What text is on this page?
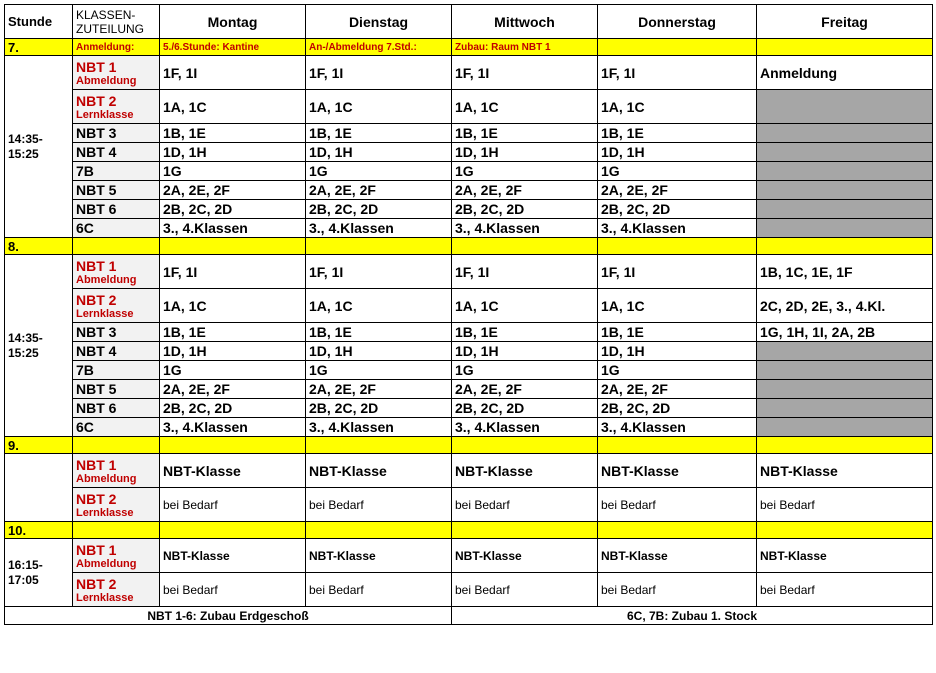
Stunde	KLASSEN-
ZUTEILUNG	Montag	Dienstag	Mittwoch	Donnerstag	Freitag
7.	Anmeldung:	5./6.Stunde: Kantine	An-/Abmeldung 7.Std.:	Zubau: Raum NBT 1		
14:35-
15:25	NBT 1
Abmeldung	1F, 1I	1F, 1I	1F, 1I	1F, 1I	Anmeldung

	NBT 2
Lernklasse	1A, 1C	1A, 1C	1A, 1C	1A, 1C	

	NBT 3	1B, 1E	1B, 1E	1B, 1E	1B, 1E	

	NBT 4	1D, 1H	1D, 1H	1D, 1H	1D, 1H	

	7B	1G	1G	1G	1G	

	NBT 5	2A, 2E, 2F	2A, 2E, 2F	2A, 2E, 2F	2A, 2E, 2F	

	NBT 6	2B, 2C, 2D	2B, 2C, 2D	2B, 2C, 2D	2B, 2C, 2D	

	6C	3., 4.Klassen	3., 4.Klassen	3., 4.Klassen	3., 4.Klassen	
8.						
14:35-
15:25	NBT 1
Abmeldung	1F, 1I	1F, 1I	1F, 1I	1F, 1I	1B, 1C, 1E, 1F

	NBT 2
Lernklasse	1A, 1C	1A, 1C	1A, 1C	1A, 1C	2C, 2D, 2E, 3., 4.Kl.

	NBT 3	1B, 1E	1B, 1E	1B, 1E	1B, 1E	1G, 1H, 1I, 2A, 2B

	NBT 4	1D, 1H	1D, 1H	1D, 1H	1D, 1H	

	7B	1G	1G	1G	1G	

	NBT 5	2A, 2E, 2F	2A, 2E, 2F	2A, 2E, 2F	2A, 2E, 2F	

	NBT 6	2B, 2C, 2D	2B, 2C, 2D	2B, 2C, 2D	2B, 2C, 2D	

	6C	3., 4.Klassen	3., 4.Klassen	3., 4.Klassen	3., 4.Klassen	
9.						

	NBT 1
Abmeldung	NBT-Klasse	NBT-Klasse	NBT-Klasse	NBT-Klasse	NBT-Klasse

	NBT 2
Lernklasse	bei Bedarf	bei Bedarf	bei Bedarf	bei Bedarf	bei Bedarf
10.						
16:15-
17:05	NBT 1
Abmeldung	NBT-Klasse	NBT-Klasse	NBT-Klasse	NBT-Klasse	NBT-Klasse

	NBT 2
Lernklasse	bei Bedarf	bei Bedarf	bei Bedarf	bei Bedarf	bei Bedarf
NBT 1-6: Zubau Erdgeschoß				6C, 7B: Zubau 1. Stock		
